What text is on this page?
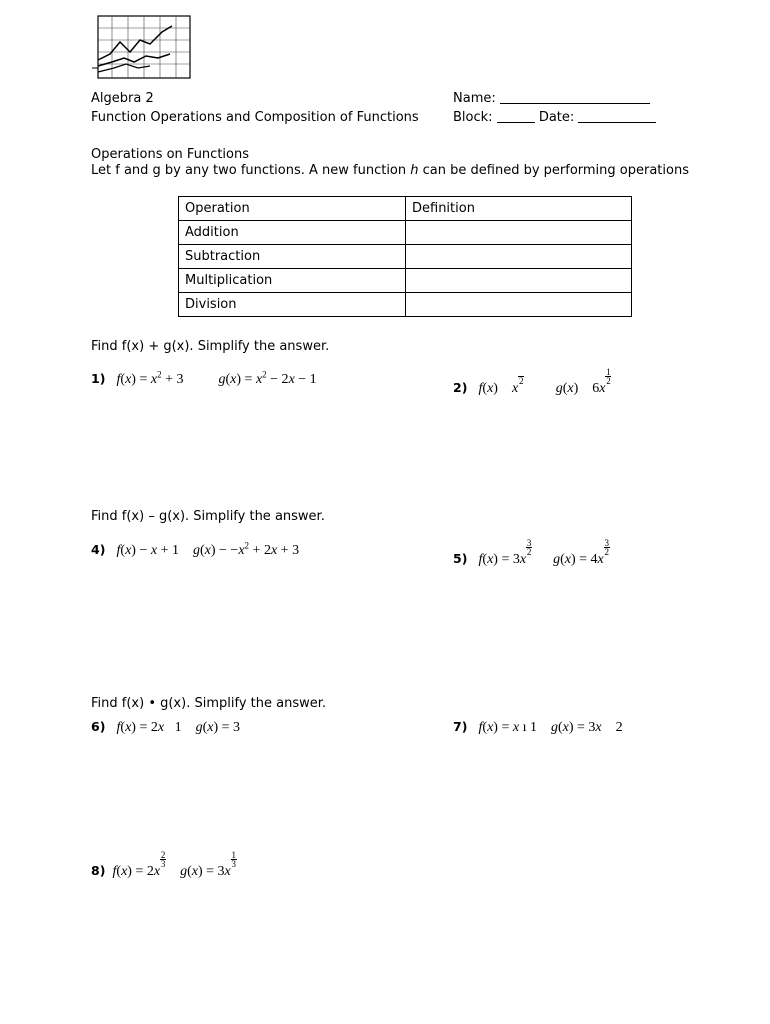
Algebra 2
Function Operations and Composition of Functions
Name:
Block:	Date:
Operations on Functions
Let f and g by any two functions. A new function h can be defined by performing operations
Operation	Definition
Addition	
Subtraction	
Multiplication	
Division	
Find f(x) + g(x). Simplify the answer.
1) $f(x) = x^2 + 3$          $g(x) = x^2 - 2x - 1$
2) f(x)    x

2
g(x)    6x
$\frac{1}{2}$
Find f(x) – g(x). Simplify the answer.
4) f(x) − x + 1    $g(x) - -x^2 + 2x + 3$
5) f(x) = 3x
$\frac{3}{2}$
g(x) = 4x
$\frac{3}{2}$
Find f(x) • g(x). Simplify the answer.
6) f(x) = 2x   1    g(x) = 3	7) f(x) = x ı 1    g(x) = 3x    2
8) f(x) = 2x
$\frac{2}{3}$
g(x) = 3x
$\frac{1}{3}$
